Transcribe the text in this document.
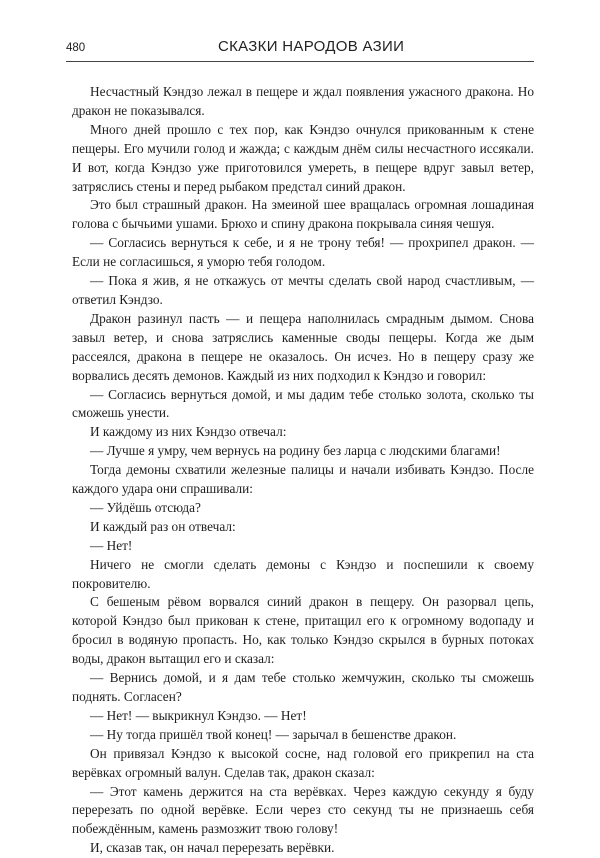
480	СКАЗКИ НАРОДОВ АЗИИ

Несчастный Кэндзо лежал в пещере и ждал появления ужасного дракона. Но дракон не показывался.

Много дней прошло с тех пор, как Кэндзо очнулся прикованным к стене пещеры. Его мучили голод и жажда; с каждым днём силы несчастного иссякали. И вот, когда Кэндзо уже приготовился умереть, в пещере вдруг завыл ветер, затряслись стены и перед рыбаком предстал синий дракон.

Это был страшный дракон. На змеиной шее вращалась огромная лошадиная голова с бычьими ушами. Брюхо и спину дракона покрывала синяя чешуя.

— Согласись вернуться к себе, и я не трону тебя! — прохрипел дракон. — Если не согласишься, я уморю тебя голодом.

— Пока я жив, я не откажусь от мечты сделать свой народ счастливым, — ответил Кэндзо.

Дракон разинул пасть — и пещера наполнилась смрадным дымом. Снова завыл ветер, и снова затряслись каменные своды пещеры. Когда же дым рассеялся, дракона в пещере не оказалось. Он исчез. Но в пещеру сразу же ворвались десять демонов. Каждый из них подходил к Кэндзо и говорил:

— Согласись вернуться домой, и мы дадим тебе столько золота, сколько ты сможешь унести.

И каждому из них Кэндзо отвечал:

— Лучше я умру, чем вернусь на родину без ларца с людскими благами!

Тогда демоны схватили железные палицы и начали избивать Кэндзо. После каждого удара они спрашивали:

— Уйдёшь отсюда?

И каждый раз он отвечал:

— Нет!

Ничего не смогли сделать демоны с Кэндзо и поспешили к своему покровителю.

С бешеным рёвом ворвался синий дракон в пещеру. Он разорвал цепь, которой Кэндзо был прикован к стене, притащил его к огромному водопаду и бросил в водяную пропасть. Но, как только Кэндзо скрылся в бурных потоках воды, дракон вытащил его и сказал:

— Вернись домой, и я дам тебе столько жемчужин, сколько ты сможешь поднять. Согласен?

— Нет! — выкрикнул Кэндзо. — Нет!

— Ну тогда пришёл твой конец! — зарычал в бешенстве дракон.

Он привязал Кэндзо к высокой сосне, над головой его прикрепил на ста верёвках огромный валун. Сделав так, дракон сказал:

— Этот камень держится на ста верёвках. Через каждую секунду я буду перерезать по одной верёвке. Если через сто секунд ты не признаешь себя побеждённым, камень размозжит твою голову!

И, сказав так, он начал перерезать верёвки.
